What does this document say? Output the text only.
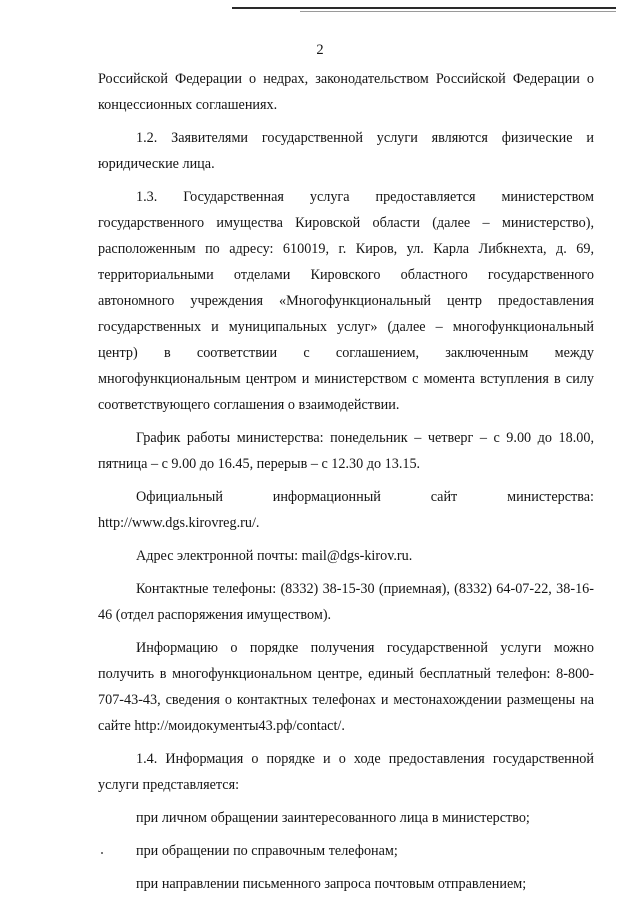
2

Российской Федерации о недрах, законодательством Российской Федерации о концессионных соглашениях.

1.2. Заявителями государственной услуги являются физические и юридические лица.

1.3. Государственная услуга предоставляется министерством государственного имущества Кировской области (далее – министерство), расположенным по адресу: 610019, г. Киров, ул. Карла Либкнехта, д. 69, территориальными отделами Кировского областного государственного автономного учреждения «Многофункциональный центр предоставления государственных и муниципальных услуг» (далее – многофункциональный центр) в соответствии с соглашением, заключенным между многофункциональным центром и министерством с момента вступления в силу соответствующего соглашения о взаимодействии.

График работы министерства: понедельник – четверг – с 9.00 до 18.00, пятница – с 9.00 до 16.45, перерыв – с 12.30 до 13.15.

Официальный информационный сайт министерства: http://www.dgs.kirovreg.ru/.

Адрес электронной почты: mail@dgs-kirov.ru.

Контактные телефоны: (8332) 38-15-30 (приемная), (8332) 64-07-22, 38-16-46 (отдел распоряжения имуществом).

Информацию о порядке получения государственной услуги можно получить в многофункциональном центре, единый бесплатный телефон: 8-800-707-43-43, сведения о контактных телефонах и местонахождении размещены на сайте http://моидокументы43.рф/contact/.

1.4. Информация о порядке и о ходе предоставления государственной услуги представляется:

при личном обращении заинтересованного лица в министерство;

при обращении по справочным телефонам;

при направлении письменного запроса почтовым отправлением;
